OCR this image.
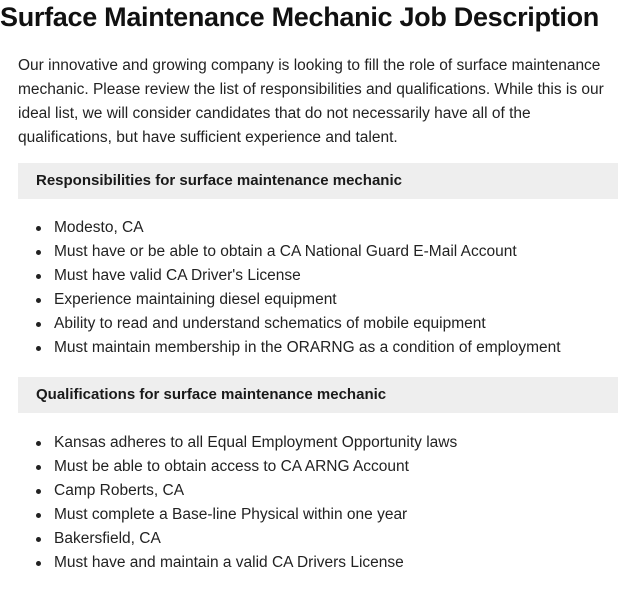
Surface Maintenance Mechanic Job Description
Our innovative and growing company is looking to fill the role of surface maintenance mechanic. Please review the list of responsibilities and qualifications. While this is our ideal list, we will consider candidates that do not necessarily have all of the qualifications, but have sufficient experience and talent.
Responsibilities for surface maintenance mechanic
Modesto, CA
Must have or be able to obtain a CA National Guard E-Mail Account
Must have valid CA Driver's License
Experience maintaining diesel equipment
Ability to read and understand schematics of mobile equipment
Must maintain membership in the ORARNG as a condition of employment
Qualifications for surface maintenance mechanic
Kansas adheres to all Equal Employment Opportunity laws
Must be able to obtain access to CA ARNG Account
Camp Roberts, CA
Must complete a Base-line Physical within one year
Bakersfield, CA
Must have and maintain a valid CA Drivers License
